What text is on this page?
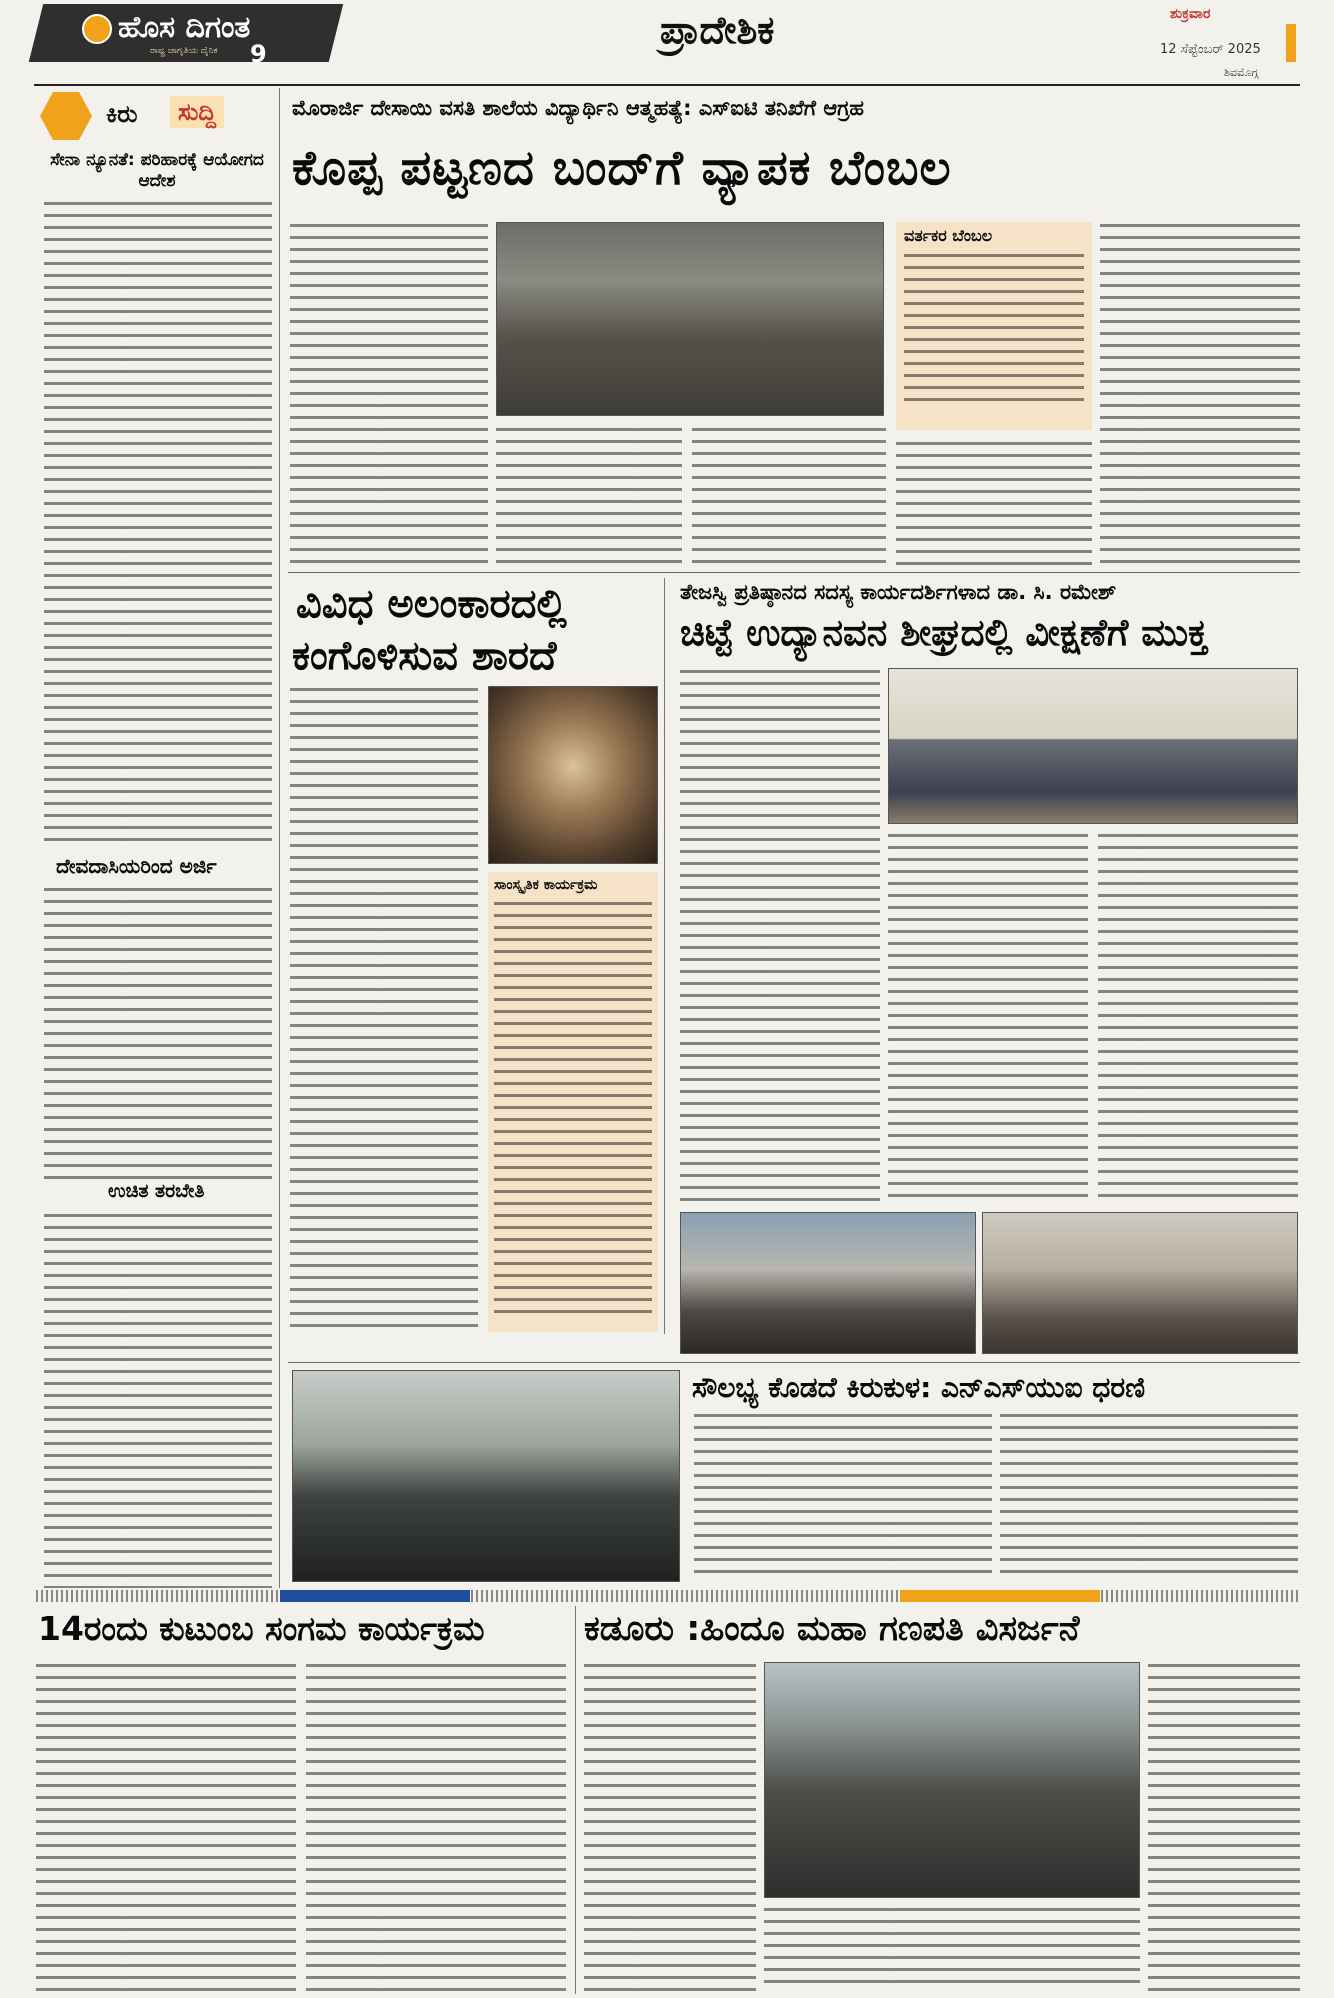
ಹೊಸ ದಿಗಂತ
ರಾಷ್ಟ್ರ ಜಾಗೃತಿಯ ದೈನಿಕ 9
ಪ್ರಾದೇಶಿಕ	ಶುಕ್ರವಾರ
12 ಸೆಪ್ಟೆಂಬರ್ 2025
ಶಿವಮೊಗ್ಗ
ಕಿರು	ಸುದ್ದಿ
ಸೇನಾ ನ್ಯೂನತೆ: ಪರಿಹಾರಕ್ಕೆ ಆಯೋಗದ ಆದೇಶ
ದೇವದಾಸಿಯರಿಂದ ಅರ್ಜಿ
ಉಚಿತ ತರಬೇತಿ
ಮೊರಾರ್ಜಿ ದೇಸಾಯಿ ವಸತಿ ಶಾಲೆಯ ವಿದ್ಯಾರ್ಥಿನಿ ಆತ್ಮಹತ್ಯೆ: ಎಸ್‌ಐಟಿ ತನಿಖೆಗೆ ಆಗ್ರಹ
ಕೊಪ್ಪ ಪಟ್ಟಣದ ಬಂದ್‌ಗೆ ವ್ಯಾಪಕ ಬೆಂಬಲ
ವರ್ತಕರ ಬೆಂಬಲ
ವಿವಿಧ ಅಲಂಕಾರದಲ್ಲಿ
ಕಂಗೊಳಿಸುವ ಶಾರದೆ
ಸಾಂಸ್ಕೃತಿಕ ಕಾರ್ಯಕ್ರಮ
ತೇಜಸ್ವಿ ಪ್ರತಿಷ್ಠಾನದ ಸದಸ್ಯ ಕಾರ್ಯದರ್ಶಿಗಳಾದ ಡಾ. ಸಿ. ರಮೇಶ್
ಚಿಟ್ಟೆ ಉದ್ಯಾನವನ ಶೀಘ್ರದಲ್ಲಿ ವೀಕ್ಷಣೆಗೆ ಮುಕ್ತ
ಸೌಲಭ್ಯ ಕೊಡದೆ ಕಿರುಕುಳ: ಎನ್‌ಎಸ್‌ಯುಐ ಧರಣಿ
14ರಂದು ಕುಟುಂಬ ಸಂಗಮ ಕಾರ್ಯಕ್ರಮ	ಕಡೂರು :ಹಿಂದೂ ಮಹಾ ಗಣಪತಿ ವಿಸರ್ಜನೆ
